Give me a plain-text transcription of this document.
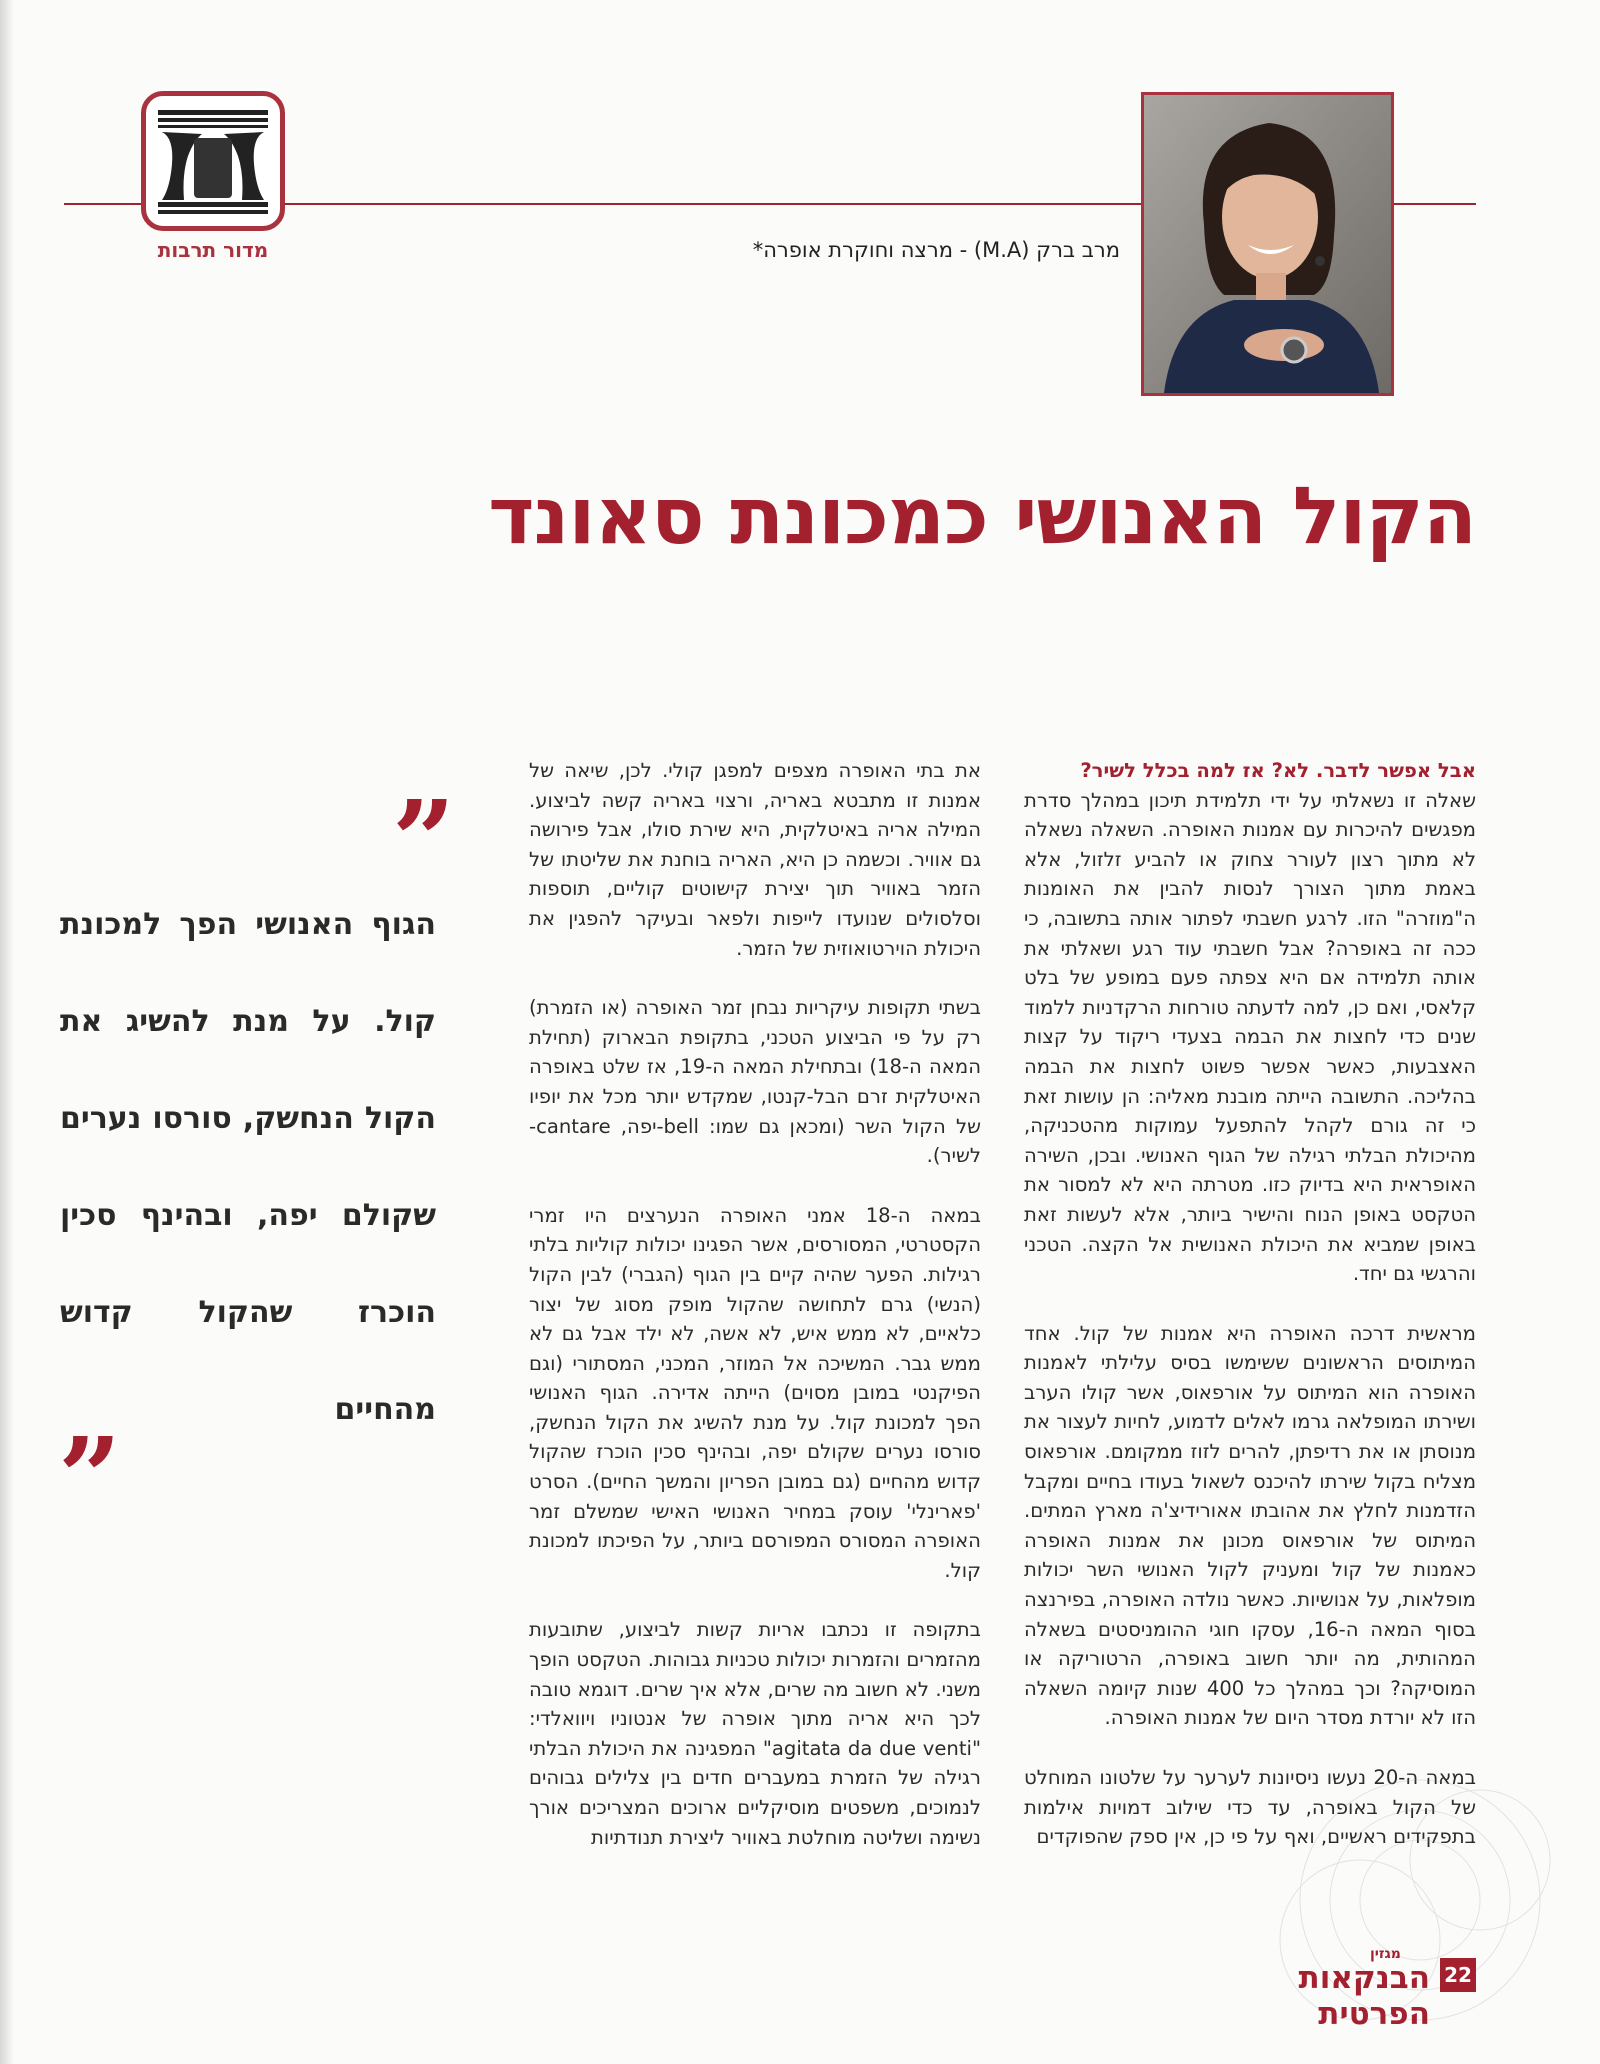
מדור תרבות	מרב ברק (M.A) - מרצה וחוקרת אופרה*
הקול האנושי כמכונת סאונד
אבל אפשר לדבר. לא? אז למה בכלל לשיר?

שאלה זו נשאלתי על ידי תלמידת תיכון במהלך סדרת מפגשים להיכרות עם אמנות האופרה. השאלה נשאלה לא מתוך רצון לעורר צחוק או להביע זלזול, אלא באמת מתוך הצורך לנסות להבין את האומנות ה"מוזרה" הזו. לרגע חשבתי לפתור אותה בתשובה, כי ככה זה באופרה? אבל חשבתי עוד רגע ושאלתי את אותה תלמידה אם היא צפתה פעם במופע של בלט קלאסי, ואם כן, למה לדעתה טורחות הרקדניות ללמוד שנים כדי לחצות את הבמה בצעדי ריקוד על קצות האצבעות, כאשר אפשר פשוט לחצות את הבמה בהליכה. התשובה הייתה מובנת מאליה: הן עושות זאת כי זה גורם לקהל להתפעל עמוקות מהטכניקה, מהיכולת הבלתי רגילה של הגוף האנושי. ובכן, השירה האופראית היא בדיוק כזו. מטרתה היא לא למסור את הטקסט באופן הנוח והישיר ביותר, אלא לעשות זאת באופן שמביא את היכולת האנושית אל הקצה. הטכני והרגשי גם יחד.

מראשית דרכה האופרה היא אמנות של קול. אחד המיתוסים הראשונים ששימשו בסיס עלילתי לאמנות האופרה הוא המיתוס על אורפאוס, אשר קולו הערב ושירתו המופלאה גרמו לאלים לדמוע, לחיות לעצור את מנוסתן או את רדיפתן, להרים לזוז ממקומם. אורפאוס מצליח בקול שירתו להיכנס לשאול בעודו בחיים ומקבל הזדמנות לחלץ את אהובתו אאורידיצ'ה מארץ המתים. המיתוס של אורפאוס מכונן את אמנות האופרה כאמנות של קול ומעניק לקול האנושי השר יכולות מופלאות, על אנושיות. כאשר נולדה האופרה, בפירנצה בסוף המאה ה-16, עסקו חוגי ההומניסטים בשאלה המהותית, מה יותר חשוב באופרה, הרטוריקה או המוסיקה? וכך במהלך כל 400 שנות קיומה השאלה הזו לא יורדת מסדר היום של אמנות האופרה.

במאה ה-20 נעשו ניסיונות לערער על שלטונו המוחלט של הקול באופרה, עד כדי שילוב דמויות אילמות בתפקידים ראשיים, ואף על פי כן, אין ספק שהפוקדים

את בתי האופרה מצפים למפגן קולי. לכן, שיאה של אמנות זו מתבטא באריה, ורצוי באריה קשה לביצוע. המילה אריה באיטלקית, היא שירת סולו, אבל פירושה גם אוויר. וכשמה כן היא, האריה בוחנת את שליטתו של הזמר באוויר תוך יצירת קישוטים קוליים, תוספות וסלסולים שנועדו לייפות ולפאר ובעיקר להפגין את היכולת הוירטואוזית של הזמר.

בשתי תקופות עיקריות נבחן זמר האופרה (או הזמרת) רק על פי הביצוע הטכני, בתקופת הבארוק (תחילת המאה ה-18) ובתחילת המאה ה-19, אז שלט באופרה האיטלקית זרם הבל-קנטו, שמקדש יותר מכל את יופיו של הקול השר (ומכאן גם שמו: bell-יפה, cantare-לשיר).

במאה ה-18 אמני האופרה הנערצים היו זמרי הקסטרטי, המסורסים, אשר הפגינו יכולות קוליות בלתי רגילות. הפער שהיה קיים בין הגוף (הגברי) לבין הקול (הנשי) גרם לתחושה שהקול מופק מסוג של יצור כלאיים, לא ממש איש, לא אשה, לא ילד אבל גם לא ממש גבר. המשיכה אל המוזר, המכני, המסתורי (וגם הפיקנטי במובן מסוים) הייתה אדירה. הגוף האנושי הפך למכונת קול. על מנת להשיג את הקול הנחשק, סורסו נערים שקולם יפה, ובהינף סכין הוכרז שהקול קדוש מהחיים (גם במובן הפריון והמשך החיים). הסרט 'פארינלי' עוסק במחיר האנושי האישי שמשלם זמר האופרה המסורס המפורסם ביותר, על הפיכתו למכונת קול.

בתקופה זו נכתבו אריות קשות לביצוע, שתובעות מהזמרים והזמרות יכולות טכניות גבוהות. הטקסט הופך משני. לא חשוב מה שרים, אלא איך שרים. דוגמא טובה לכך היא אריה מתוך אופרה של אנטוניו ויוואלדי: "agitata da due venti" המפגינה את היכולת הבלתי רגילה של הזמרת במעברים חדים בין צלילים גבוהים לנמוכים, משפטים מוסיקליים ארוכים המצריכים אורך נשימה ושליטה מוחלטת באוויר ליצירת תנודתיות

”
הגוף האנושי הפך למכונת קול. על מנת להשיג את הקול הנחשק, סורסו נערים שקולם יפה, ובהינף סכין הוכרז שהקול קדוש מהחיים
„
מגזין
הבנקאות הפרטית
22
